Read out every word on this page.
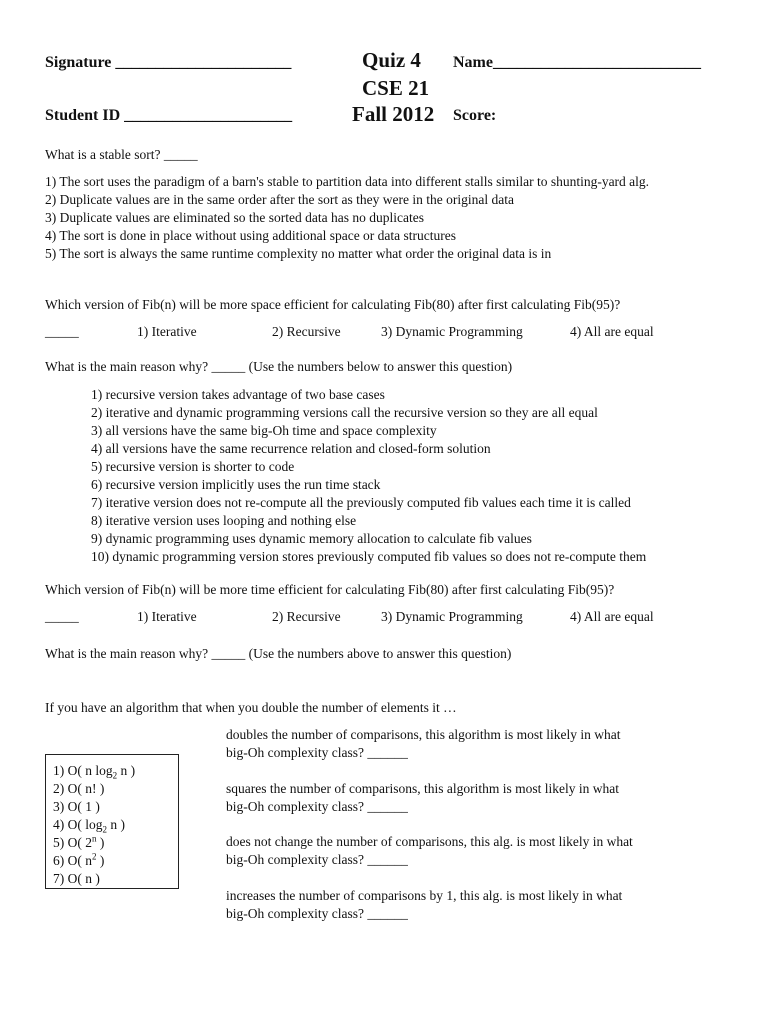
Signature ______________________
Student ID _____________________
Quiz 4
CSE 21
Fall 2012
Name__________________________
Score:
What is a stable sort? _____
1) The sort uses the paradigm of a barn's stable to partition data into different stalls similar to shunting-yard alg.
2) Duplicate values are in the same order after the sort as they were in the original data
3) Duplicate values are eliminated so the sorted data has no duplicates
4) The sort is done in place without using additional space or data structures
5) The sort is always the same runtime complexity no matter what order the original data is in
Which version of Fib(n) will be more space efficient for calculating Fib(80) after first calculating Fib(95)?
_____	1) Iterative	2) Recursive	3) Dynamic Programming	4) All are equal
What is the main reason why? _____ (Use the numbers below to answer this question)
1) recursive version takes advantage of two base cases
2) iterative and dynamic programming versions call the recursive version so they are all equal
3) all versions have the same big-Oh time and space complexity
4) all versions have the same recurrence relation and closed-form solution
5) recursive version is shorter to code
6) recursive version implicitly uses the run time stack
7) iterative version does not re-compute all the previously computed fib values each time it is called
8) iterative version uses looping and nothing else
9) dynamic programming uses dynamic memory allocation to calculate fib values
10) dynamic programming version stores previously computed fib values so does not re-compute them
Which version of Fib(n) will be more time efficient for calculating Fib(80) after first calculating Fib(95)?
_____	1) Iterative	2) Recursive	3) Dynamic Programming	4) All are equal
What is the main reason why? _____ (Use the numbers above to answer this question)
If you have an algorithm that when you double the number of elements it …
1) O( n $\log_2 n$ )
2) O( n! )
3) O( 1 )
4) O( $\log_2 n$ )
5) O( 2$^n$ )
6) O( $n^2$ )
7) O( n )
doubles the number of comparisons, this algorithm is most likely in what
big-Oh complexity class? ______
squares the number of comparisons, this algorithm is most likely in what
big-Oh complexity class? ______
does not change the number of comparisons, this alg. is most likely in what
big-Oh complexity class? ______
increases the number of comparisons by 1, this alg. is most likely in what
big-Oh complexity class? ______
